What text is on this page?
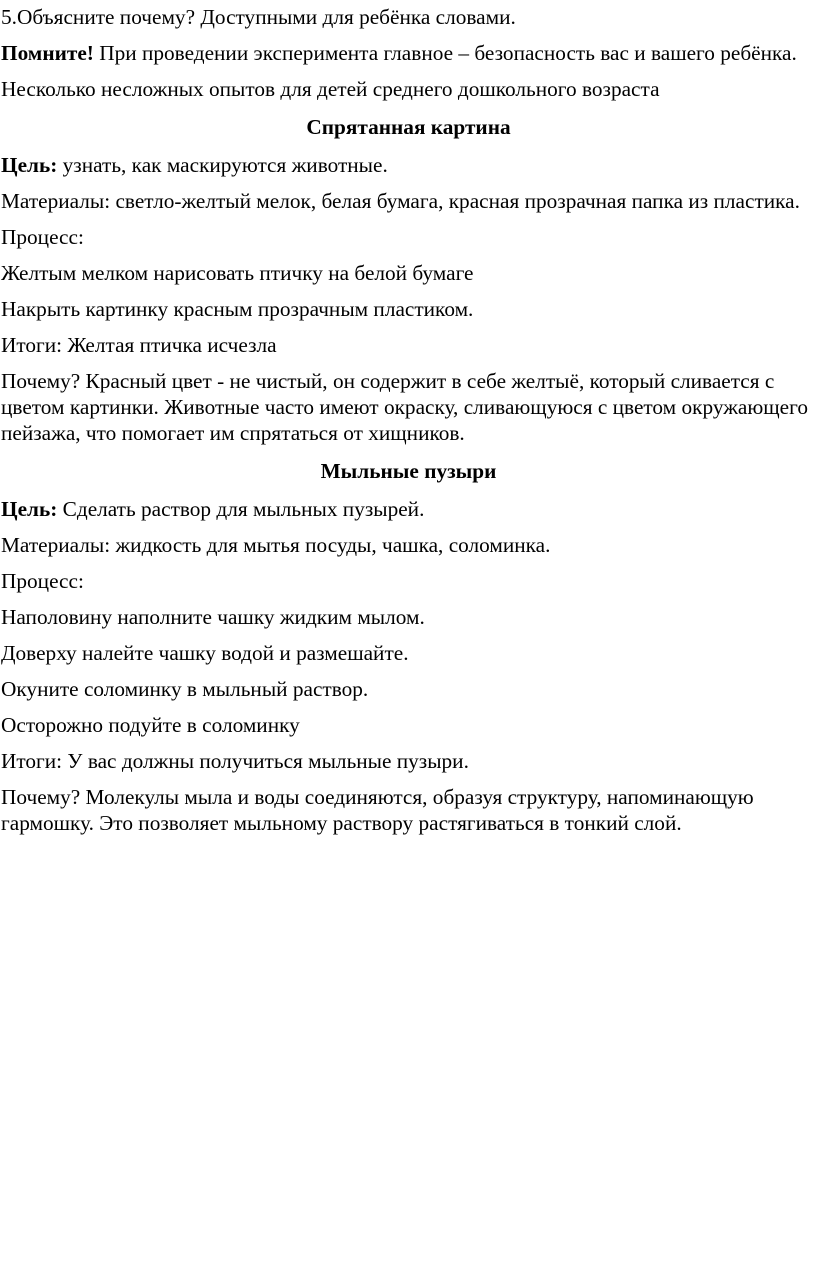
5.Объясните почему? Доступными для ребёнка словами.

Помните! При проведении эксперимента главное – безопасность вас и вашего ребёнка.

Несколько несложных опытов для детей среднего дошкольного возраста

Спрятанная картина

Цель: узнать, как маскируются животные.

Материалы: светло-желтый мелок, белая бумага, красная прозрачная папка из пластика.

Процесс:

Желтым мелком нарисовать птичку на белой бумаге

Накрыть картинку красным прозрачным пластиком.

Итоги: Желтая птичка исчезла

Почему? Красный цвет - не чистый, он содержит в себе желтыё, который сливается с цветом картинки. Животные часто имеют окраску, сливающуюся с цветом окружающего пейзажа, что помогает им спрятаться от хищников.

Мыльные пузыри

Цель: Сделать раствор для мыльных пузырей.

Материалы: жидкость для мытья посуды, чашка, соломинка.

Процесс:

Наполовину наполните чашку жидким мылом.

Доверху налейте чашку водой и размешайте.

Окуните соломинку в мыльный раствор.

Осторожно подуйте в соломинку

Итоги: У вас должны получиться мыльные пузыри.

Почему? Молекулы мыла и воды соединяются, образуя структуру, напоминающую гармошку. Это позволяет мыльному раствору растягиваться в тонкий слой.
